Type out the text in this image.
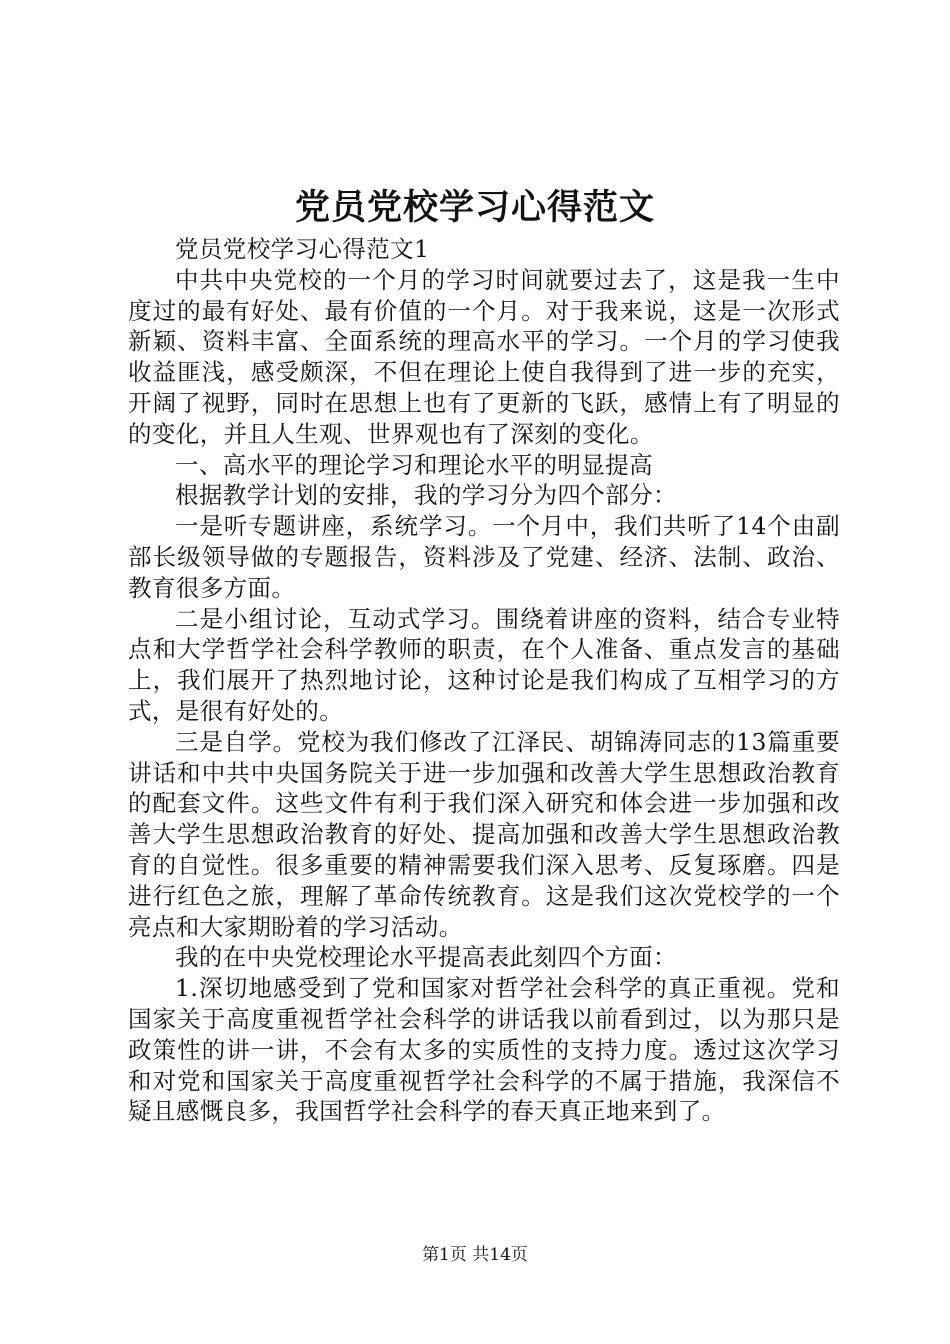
党员党校学习心得范文

党员党校学习心得范文1

中共中央党校的一个月的学习时间就要过去了，这是我一生中度过的最有好处、最有价值的一个月。对于我来说，这是一次形式新颖、资料丰富、全面系统的理高水平的学习。一个月的学习使我收益匪浅，感受颇深，不但在理论上使自我得到了进一步的充实，开阔了视野，同时在思想上也有了更新的飞跃，感情上有了明显的的变化，并且人生观、世界观也有了深刻的变化。

一、高水平的理论学习和理论水平的明显提高

根据教学计划的安排，我的学习分为四个部分：

一是听专题讲座，系统学习。一个月中，我们共听了14个由副部长级领导做的专题报告，资料涉及了党建、经济、法制、政治、教育很多方面。

二是小组讨论，互动式学习。围绕着讲座的资料，结合专业特点和大学哲学社会科学教师的职责，在个人准备、重点发言的基础上，我们展开了热烈地讨论，这种讨论是我们构成了互相学习的方式，是很有好处的。

三是自学。党校为我们修改了江泽民、胡锦涛同志的13篇重要讲话和中共中央国务院关于进一步加强和改善大学生思想政治教育的配套文件。这些文件有利于我们深入研究和体会进一步加强和改善大学生思想政治教育的好处、提高加强和改善大学生思想政治教育的自觉性。很多重要的精神需要我们深入思考、反复琢磨。四是进行红色之旅，理解了革命传统教育。这是我们这次党校学的一个亮点和大家期盼着的学习活动。

我的在中央党校理论水平提高表此刻四个方面：

1.深切地感受到了党和国家对哲学社会科学的真正重视。党和国家关于高度重视哲学社会科学的讲话我以前看到过，以为那只是政策性的讲一讲，不会有太多的实质性的支持力度。透过这次学习和对党和国家关于高度重视哲学社会科学的不属于措施，我深信不疑且感慨良多，我国哲学社会科学的春天真正地来到了。

第1页 共14页
